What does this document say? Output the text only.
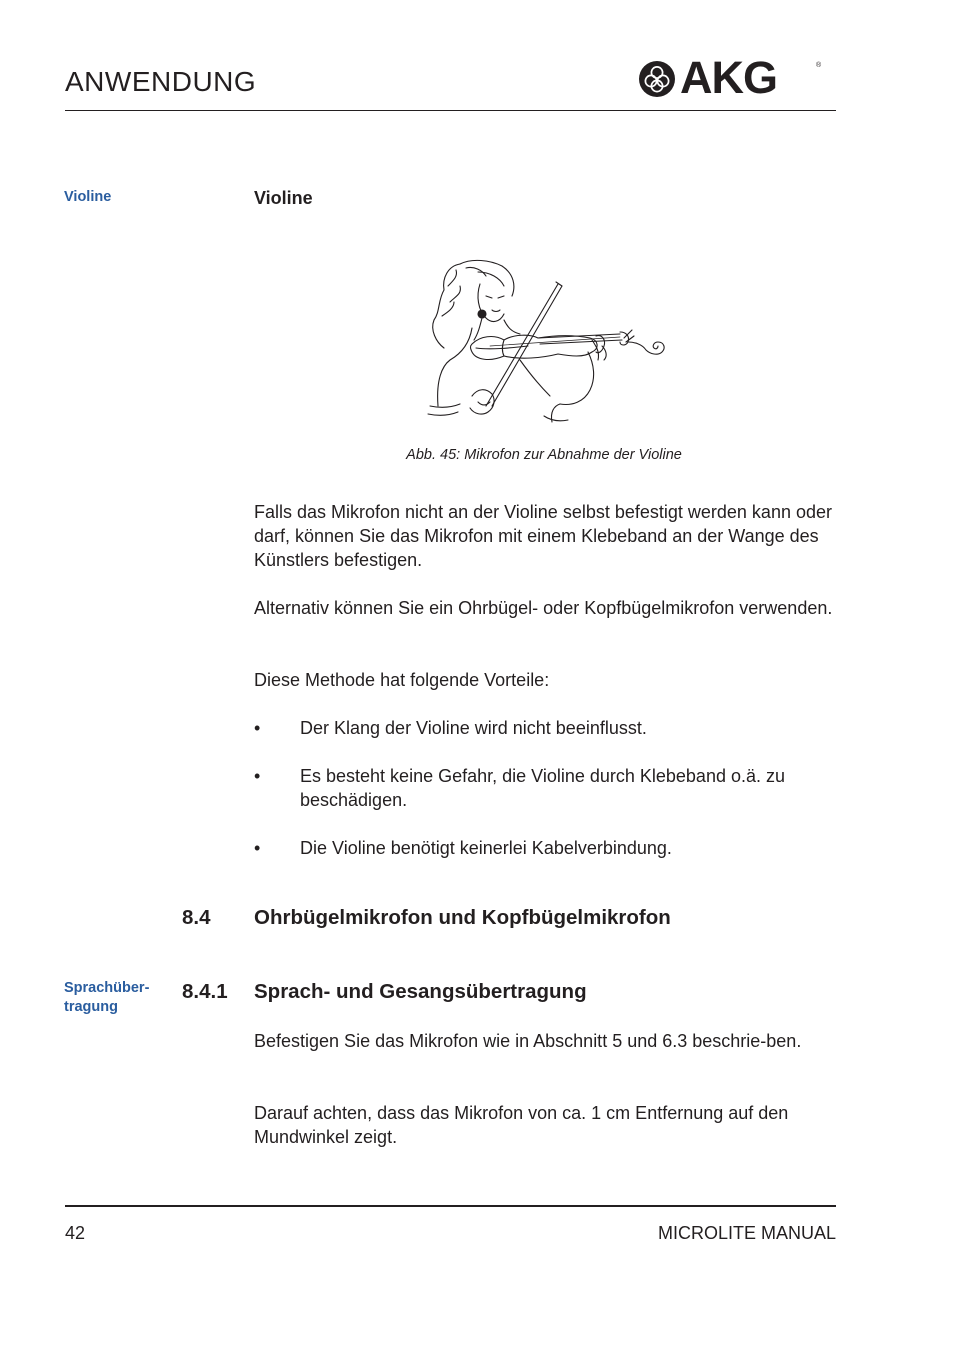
ANWENDUNG	AKG	®
Violine	Violine
Abb. 45: Mikrofon zur Abnahme der Violine

Falls das Mikrofon nicht an der Violine selbst befestigt werden kann oder darf, können Sie das Mikrofon mit einem Klebeband an der Wange des Künstlers befestigen.

Alternativ können Sie ein Ohrbügel- oder Kopfbügelmikrofon verwenden.

Diese Methode hat folgende Vorteile:

• Der Klang der Violine wird nicht beeinflusst.

• Es besteht keine Gefahr, die Violine durch Klebeband o.ä. zu beschädigen.

• Die Violine benötigt keinerlei Kabelverbindung.

8.4 Ohrbügelmikrofon und Kopfbügelmikrofon
Sprachüber-
tragung
8.4.1 Sprach- und Gesangsübertragung

Befestigen Sie das Mikrofon wie in Abschnitt 5 und 6.3 beschrie-ben.

Darauf achten, dass das Mikrofon von ca. 1 cm Entfernung auf den Mundwinkel zeigt.

42	MICROLITE MANUAL
